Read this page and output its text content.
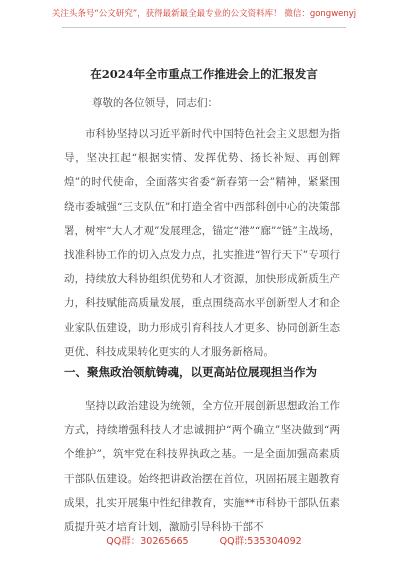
关注头条号“公文研究”，获得最新最全最专业的公文资料库！ 微信：gongwenyj
在2024年全市重点工作推进会上的汇报发言
尊敬的各位领导，同志们：

市科协坚持以习近平新时代中国特色社会主义思想为指导，坚决扛起“根据实情、发挥优势、扬长补短、再创辉煌”的时代使命，全面落实省委“新春第一会”精神，紧紧围绕市委城强“三支队伍”和打造全省中西部科创中心的决策部署，树牢“大人才观”发展理念，锚定“港”“廊”“链”主战场，找准科协工作的切入点发力点，扎实推进“智行天下”专项行动，持续放大科协组织优势和人才资源，加快形成新质生产力，科技赋能高质量发展，重点围绕高水平创新型人才和企业家队伍建设，助力形成引育科技人才更多、协同创新生态更优、科技成果转化更实的人才服务新格局。

一、聚焦政治领航铸魂，以更高站位展现担当作为

坚持以政治建设为统领，全方位开展创新思想政治工作方式，持续增强科技人才忠诚拥护“两个确立”坚决做到“两个维护”，筑牢党在科技界执政之基。一是全面加强高素质干部队伍建设。始终把讲政治摆在首位，巩固拓展主题教育成果，扎实开展集中性纪律教育，实施**市科协干部队伍素质提升英才培育计划，激励引导科协干部不

QQ群：30265665	QQ群:535304092
